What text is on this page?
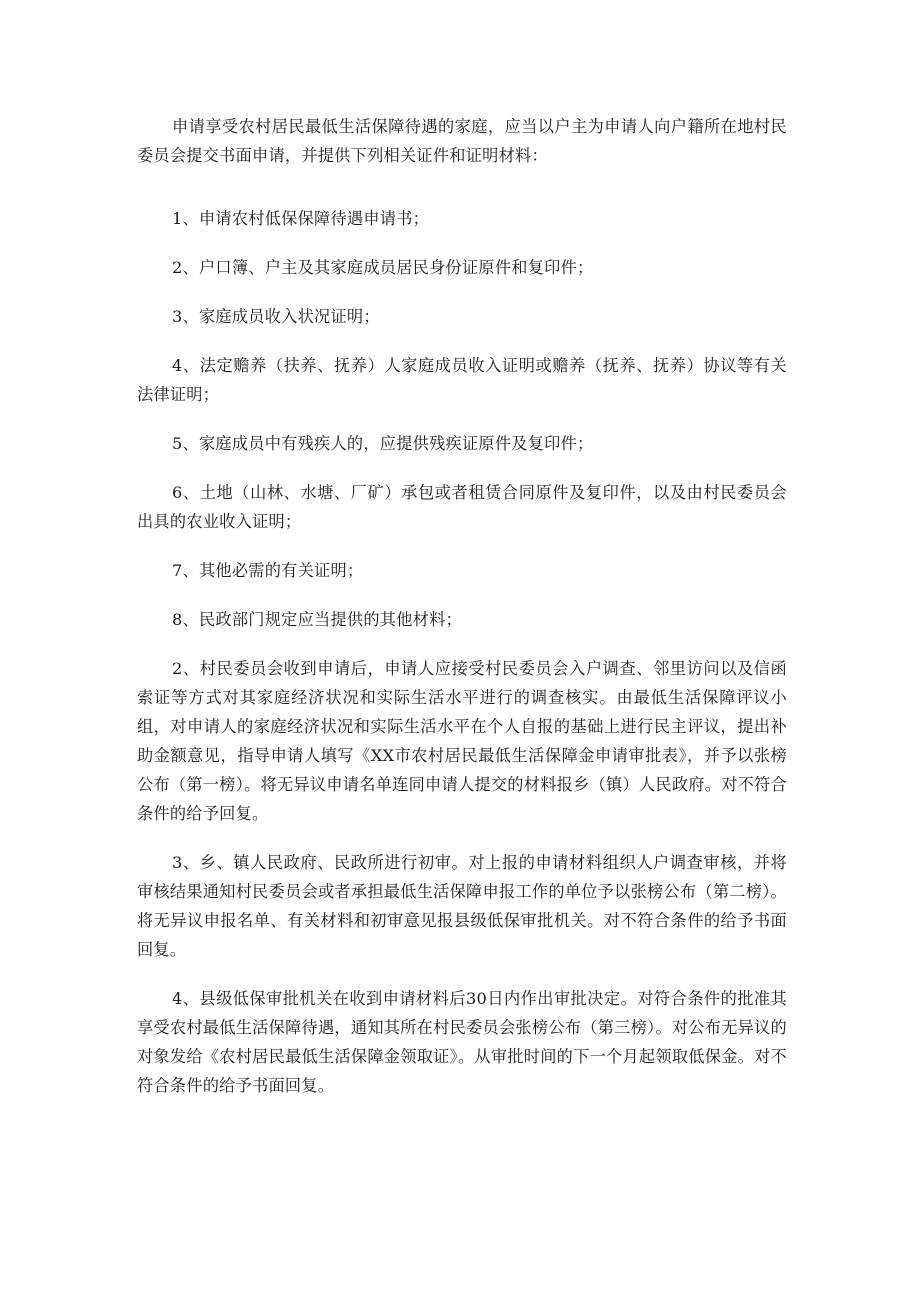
申请享受农村居民最低生活保障待遇的家庭，应当以户主为申请人向户籍所在地村民委员会提交书面申请，并提供下列相关证件和证明材料：

1、申请农村低保保障待遇申请书；

2、户口簿、户主及其家庭成员居民身份证原件和复印件；

3、家庭成员收入状况证明；

4、法定赡养（扶养、抚养）人家庭成员收入证明或赡养（抚养、抚养）协议等有关法律证明；

5、家庭成员中有残疾人的，应提供残疾证原件及复印件；

6、土地（山林、水塘、厂矿）承包或者租赁合同原件及复印件，以及由村民委员会出具的农业收入证明；

7、其他必需的有关证明；

8、民政部门规定应当提供的其他材料；

2、村民委员会收到申请后，申请人应接受村民委员会入户调查、邻里访问以及信函索证等方式对其家庭经济状况和实际生活水平进行的调查核实。由最低生活保障评议小组，对申请人的家庭经济状况和实际生活水平在个人自报的基础上进行民主评议，提出补助金额意见，指导申请人填写《XX市农村居民最低生活保障金申请审批表》，并予以张榜公布（第一榜）。将无异议申请名单连同申请人提交的材料报乡（镇）人民政府。对不符合条件的给予回复。

3、乡、镇人民政府、民政所进行初审。对上报的申请材料组织人户调查审核，并将审核结果通知村民委员会或者承担最低生活保障申报工作的单位予以张榜公布（第二榜）。将无异议申报名单、有关材料和初审意见报县级低保审批机关。对不符合条件的给予书面回复。

4、县级低保审批机关在收到申请材料后30日内作出审批决定。对符合条件的批准其享受农村最低生活保障待遇，通知其所在村民委员会张榜公布（第三榜）。对公布无异议的对象发给《农村居民最低生活保障金领取证》。从审批时间的下一个月起领取低保金。对不符合条件的给予书面回复。
